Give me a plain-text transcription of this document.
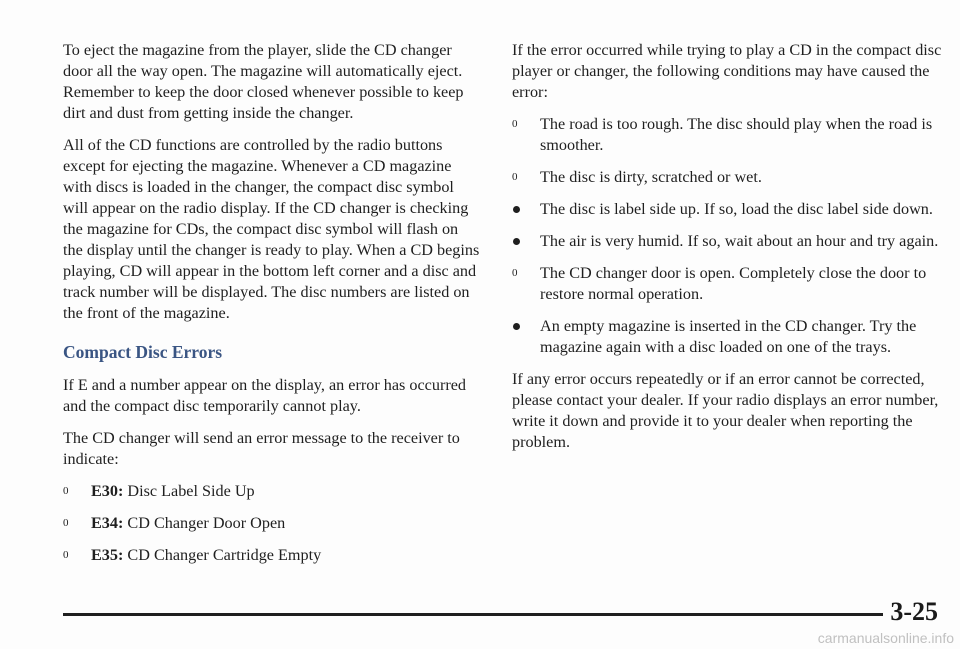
To eject the magazine from the player, slide the CD changer door all the way open. The magazine will automatically eject. Remember to keep the door closed whenever possible to keep dirt and dust from getting inside the changer.

All of the CD functions are controlled by the radio buttons except for ejecting the magazine. Whenever a CD magazine with discs is loaded in the changer, the compact disc symbol will appear on the radio display. If the CD changer is checking the magazine for CDs, the compact disc symbol will flash on the display until the changer is ready to play. When a CD begins playing, CD will appear in the bottom left corner and a disc and track number will be displayed. The disc numbers are listed on the front of the magazine.

Compact Disc Errors

If E and a number appear on the display, an error has occurred and the compact disc temporarily cannot play.

The CD changer will send an error message to the receiver to indicate:

0 E30: Disc Label Side Up
0 E34: CD Changer Door Open
0 E35: CD Changer Cartridge Empty

If the error occurred while trying to play a CD in the compact disc player or changer, the following conditions may have caused the error:

0 The road is too rough. The disc should play when the road is smoother.
0 The disc is dirty, scratched or wet.
The disc is label side up. If so, load the disc label side down.
The air is very humid. If so, wait about an hour and try again.
0 The CD changer door is open. Completely close the door to restore normal operation.
An empty magazine is inserted in the CD changer. Try the magazine again with a disc loaded on one of the trays.

If any error occurs repeatedly or if an error cannot be corrected, please contact your dealer. If your radio displays an error number, write it down and provide it to your dealer when reporting the problem.

3-25
carmanualsonline.info
